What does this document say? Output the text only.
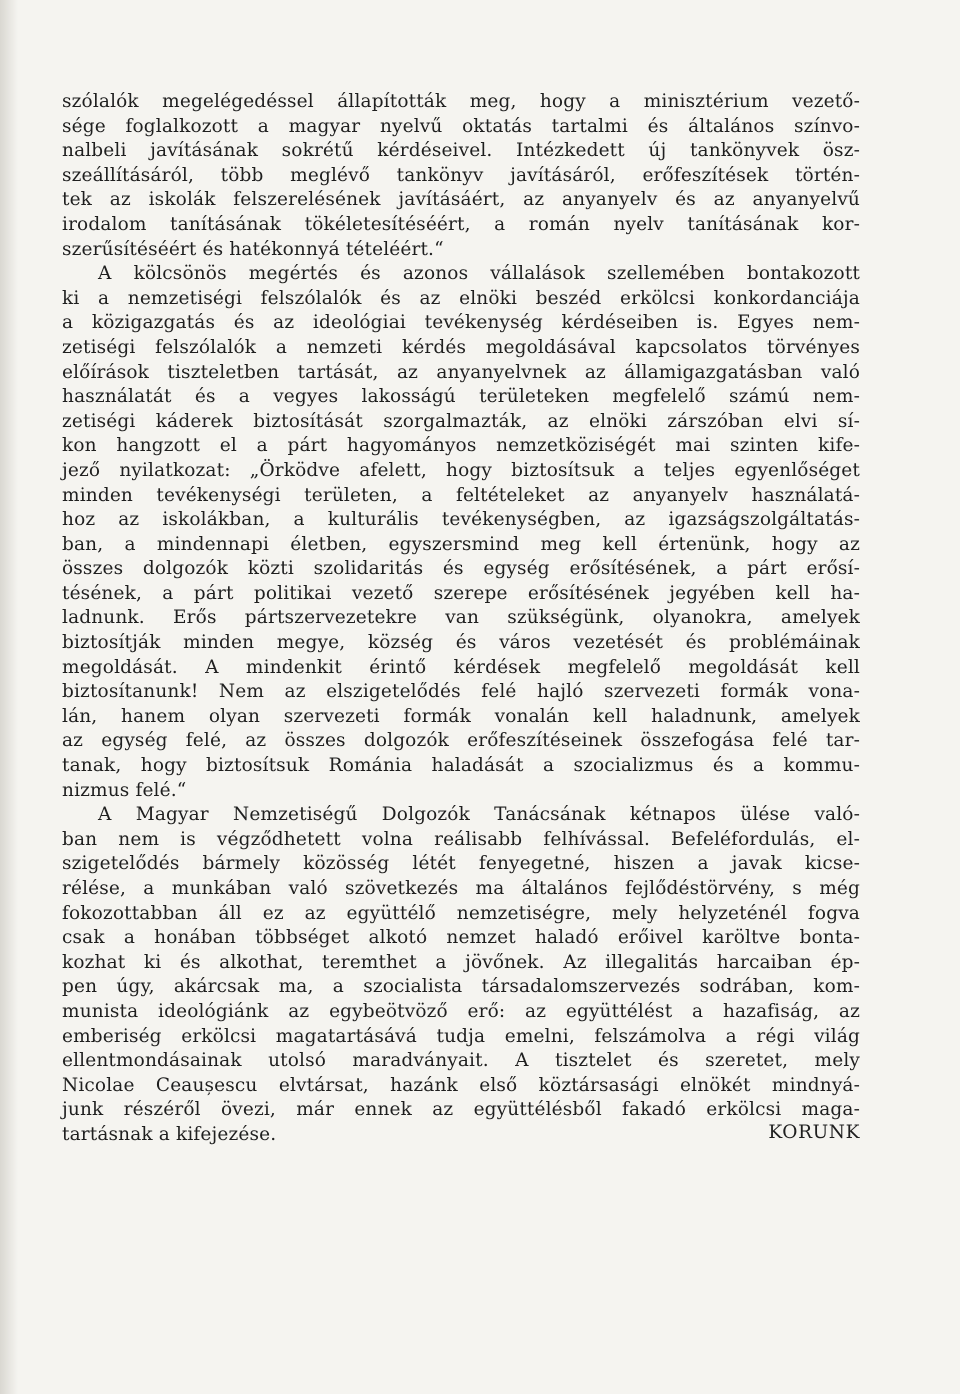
szólalók megelégedéssel állapították meg, hogy a minisztérium vezető-
sége foglalkozott a magyar nyelvű oktatás tartalmi és általános színvo-
nalbeli javításának sokrétű kérdéseivel. Intézkedett új tankönyvek ösz-
szeállításáról, több meglévő tankönyv javításáról, erőfeszítések történ-
tek az iskolák felszerelésének javításáért, az anyanyelv és az anyanyelvű
irodalom tanításának tökéletesítéséért, a román nyelv tanításának kor-
szerűsítéséért és hatékonnyá tételéért.“
A kölcsönös megértés és azonos vállalások szellemében bontakozott
ki a nemzetiségi felszólalók és az elnöki beszéd erkölcsi konkordanciája
a közigazgatás és az ideológiai tevékenység kérdéseiben is. Egyes nem-
zetiségi felszólalók a nemzeti kérdés megoldásával kapcsolatos törvényes
előírások tiszteletben tartását, az anyanyelvnek az államigazgatásban való
használatát és a vegyes lakosságú területeken megfelelő számú nem-
zetiségi káderek biztosítását szorgalmazták, az elnöki zárszóban elvi sí-
kon hangzott el a párt hagyományos nemzetköziségét mai szinten kife-
jező nyilatkozat: „Örködve afelett, hogy biztosítsuk a teljes egyenlőséget
minden tevékenységi területen, a feltételeket az anyanyelv használatá-
hoz az iskolákban, a kulturális tevékenységben, az igazságszolgáltatás-
ban, a mindennapi életben, egyszersmind meg kell értenünk, hogy az
összes dolgozók közti szolidaritás és egység erősítésének, a párt erősí-
tésének, a párt politikai vezető szerepe erősítésének jegyében kell ha-
ladnunk. Erős pártszervezetekre van szükségünk, olyanokra, amelyek
biztosítják minden megye, község és város vezetését és problémáinak
megoldását. A mindenkit érintő kérdések megfelelő megoldását kell
biztosítanunk! Nem az elszigetelődés felé hajló szervezeti formák vona-
lán, hanem olyan szervezeti formák vonalán kell haladnunk, amelyek
az egység felé, az összes dolgozók erőfeszítéseinek összefogása felé tar-
tanak, hogy biztosítsuk Románia haladását a szocializmus és a kommu-
nizmus felé.“
A Magyar Nemzetiségű Dolgozók Tanácsának kétnapos ülése való-
ban nem is végződhetett volna reálisabb felhívással. Befeléfordulás, el-
szigetelődés bármely közösség létét fenyegetné, hiszen a javak kicse-
rélése, a munkában való szövetkezés ma általános fejlődéstörvény, s még
fokozottabban áll ez az együttélő nemzetiségre, mely helyzeténél fogva
csak a honában többséget alkotó nemzet haladó erőivel karöltve bonta-
kozhat ki és alkothat, teremthet a jövőnek. Az illegalitás harcaiban ép-
pen úgy, akárcsak ma, a szocialista társadalomszervezés sodrában, kom-
munista ideológiánk az egybeötvöző erő: az együttélést a hazafiság, az
emberiség erkölcsi magatartásává tudja emelni, felszámolva a régi világ
ellentmondásainak utolsó maradványait. A tisztelet és szeretet, mely
Nicolae Ceaușescu elvtársat, hazánk első köztársasági elnökét mindnyá-
junk részéről övezi, már ennek az együttélésből fakadó erkölcsi maga-
tartásnak a kifejezése.	KORUNK
